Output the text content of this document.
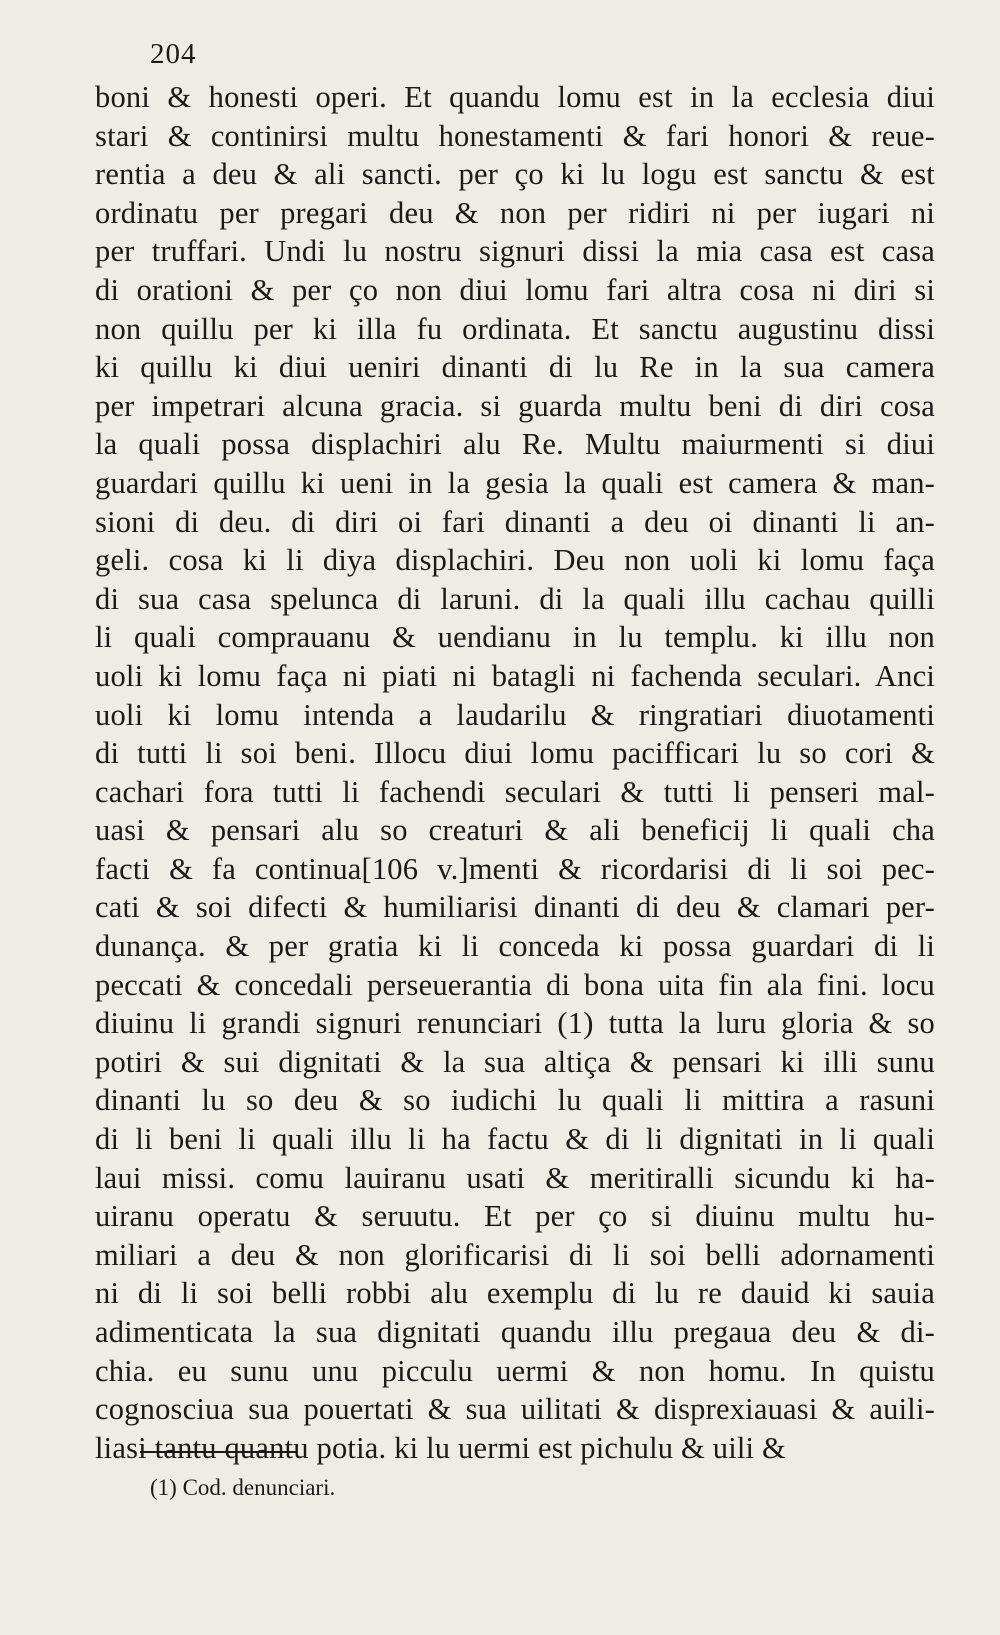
204
boni & honesti operi. Et quandu lomu est in la ecclesia diui
stari & continirsi multu honestamenti & fari honori & reue-
rentia a deu & ali sancti. per ço ki lu logu est sanctu & est
ordinatu per pregari deu & non per ridiri ni per iugari ni
per truffari. Undi lu nostru signuri dissi la mia casa est casa
di orationi & per ço non diui lomu fari altra cosa ni diri si
non quillu per ki illa fu ordinata. Et sanctu augustinu dissi
ki quillu ki diui ueniri dinanti di lu Re in la sua camera
per impetrari alcuna gracia. si guarda multu beni di diri cosa
la quali possa displachiri alu Re. Multu maiurmenti si diui
guardari quillu ki ueni in la gesia la quali est camera & man-
sioni di deu. di diri oi fari dinanti a deu oi dinanti li an-
geli. cosa ki li diya displachiri. Deu non uoli ki lomu faça
di sua casa spelunca di laruni. di la quali illu cachau quilli
li quali comprauanu & uendianu in lu templu. ki illu non
uoli ki lomu faça ni piati ni batagli ni fachenda seculari. Anci
uoli ki lomu intenda a laudarilu & ringratiari diuotamenti
di tutti li soi beni. Illocu diui lomu pacifficari lu so cori &
cachari fora tutti li fachendi seculari & tutti li penseri mal-
uasi & pensari alu so creaturi & ali beneficij li quali cha
facti & fa continua[106 v.]menti & ricordarisi di li soi pec-
cati & soi difecti & humiliarisi dinanti di deu & clamari per-
dunança. & per gratia ki li conceda ki possa guardari di li
peccati & concedali perseuerantia di bona uita fin ala fini. locu
diuinu li grandi signuri renunciari (1) tutta la luru gloria & so
potiri & sui dignitati & la sua altiça & pensari ki illi sunu
dinanti lu so deu & so iudichi lu quali li mittira a rasuni
di li beni li quali illu li ha factu & di li dignitati in li quali
laui missi. comu lauiranu usati & meritiralli sicundu ki ha-
uiranu operatu & seruutu. Et per ço si diuinu multu hu-
miliari a deu & non glorificarisi di li soi belli adornamenti
ni di li soi belli robbi alu exemplu di lu re dauid ki sauia
adimenticata la sua dignitati quandu illu pregaua deu & di-
chia. eu sunu unu picculu uermi & non homu. In quistu
cognosciua sua pouertati & sua uilitati & disprexiauasi & auili-
liasi tantu quantu potia. ki lu uermi est pichulu & uili &
(1) Cod. denunciari.
